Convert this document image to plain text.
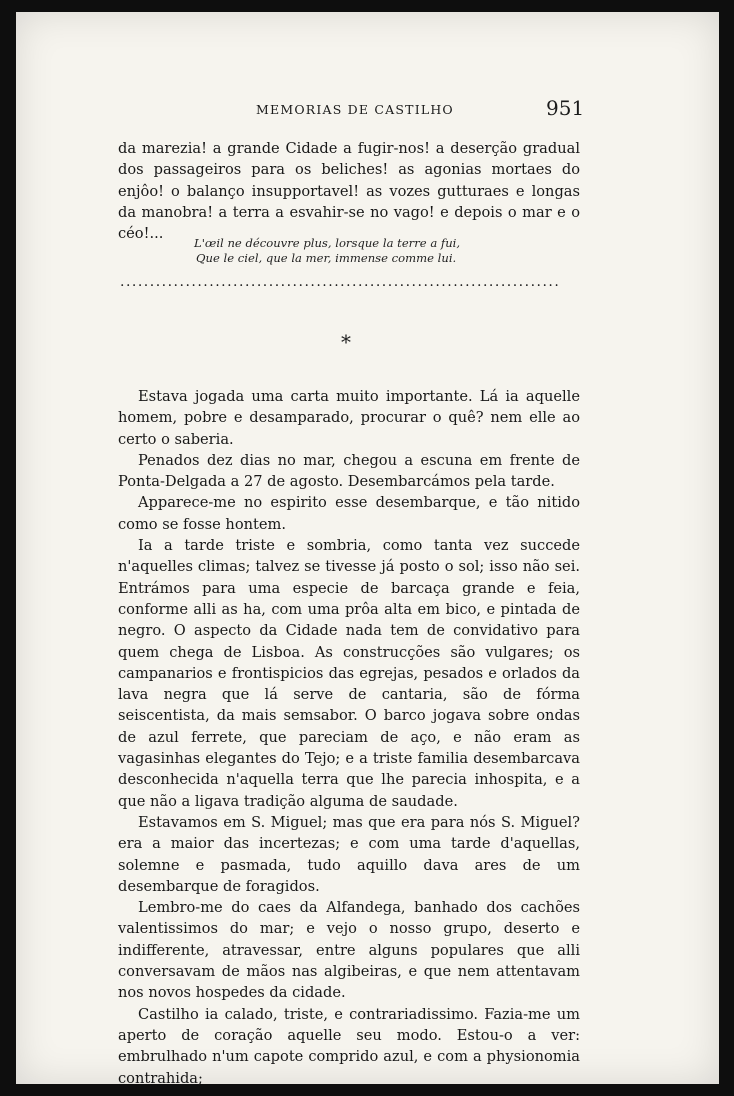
MEMORIAS DE CASTILHO	951

da marezia! a grande Cidade a fugir-nos! a deserção gradual dos passageiros para os beliches! as agonias mortaes do enjôo! o balanço insupportavel! as vozes gutturaes e longas da manobra! a terra a esvahir-se no vago! e depois o mar e o céo!...

L'œil ne découvre plus, lorsque la terre a fui,
Que le ciel, que la mer, immense comme lui.
..........................................................................
*

Estava jogada uma carta muito importante. Lá ia aquelle homem, pobre e desamparado, procurar o quê? nem elle ao certo o saberia.

Penados dez dias no mar, chegou a escuna em frente de Ponta-Delgada a 27 de agosto. Desembarcámos pela tarde.

Apparece-me no espirito esse desembarque, e tão nitido como se fosse hontem.

Ia a tarde triste e sombria, como tanta vez succede n'aquelles climas; talvez se tivesse já posto o sol; isso não sei. Entrámos para uma especie de barcaça grande e feia, conforme alli as ha, com uma prôa alta em bico, e pintada de negro. O aspecto da Cidade nada tem de convidativo para quem chega de Lisboa. As construcções são vulgares; os campanarios e frontispicios das egrejas, pesados e orlados da lava negra que lá serve de cantaria, são de fórma seiscentista, da mais semsabor. O barco jogava sobre ondas de azul ferrete, que pareciam de aço, e não eram as vagasinhas elegantes do Tejo; e a triste familia desembarcava desconhecida n'aquella terra que lhe parecia inhospita, e a que não a ligava tradição alguma de saudade.

Estavamos em S. Miguel; mas que era para nós S. Miguel? era a maior das incertezas; e com uma tarde d'aquellas, solemne e pasmada, tudo aquillo dava ares de um desembarque de foragidos.

Lembro-me do caes da Alfandega, banhado dos cachões valentissimos do mar; e vejo o nosso grupo, deserto e indifferente, atravessar, entre alguns populares que alli conversavam de mãos nas algibeiras, e que nem attentavam nos novos hospedes da cidade.

Castilho ia calado, triste, e contrariadissimo. Fazia-me um aperto de coração aquelle seu modo. Estou-o a ver: embrulhado n'um capote comprido azul, e com a physionomia contrahida;
